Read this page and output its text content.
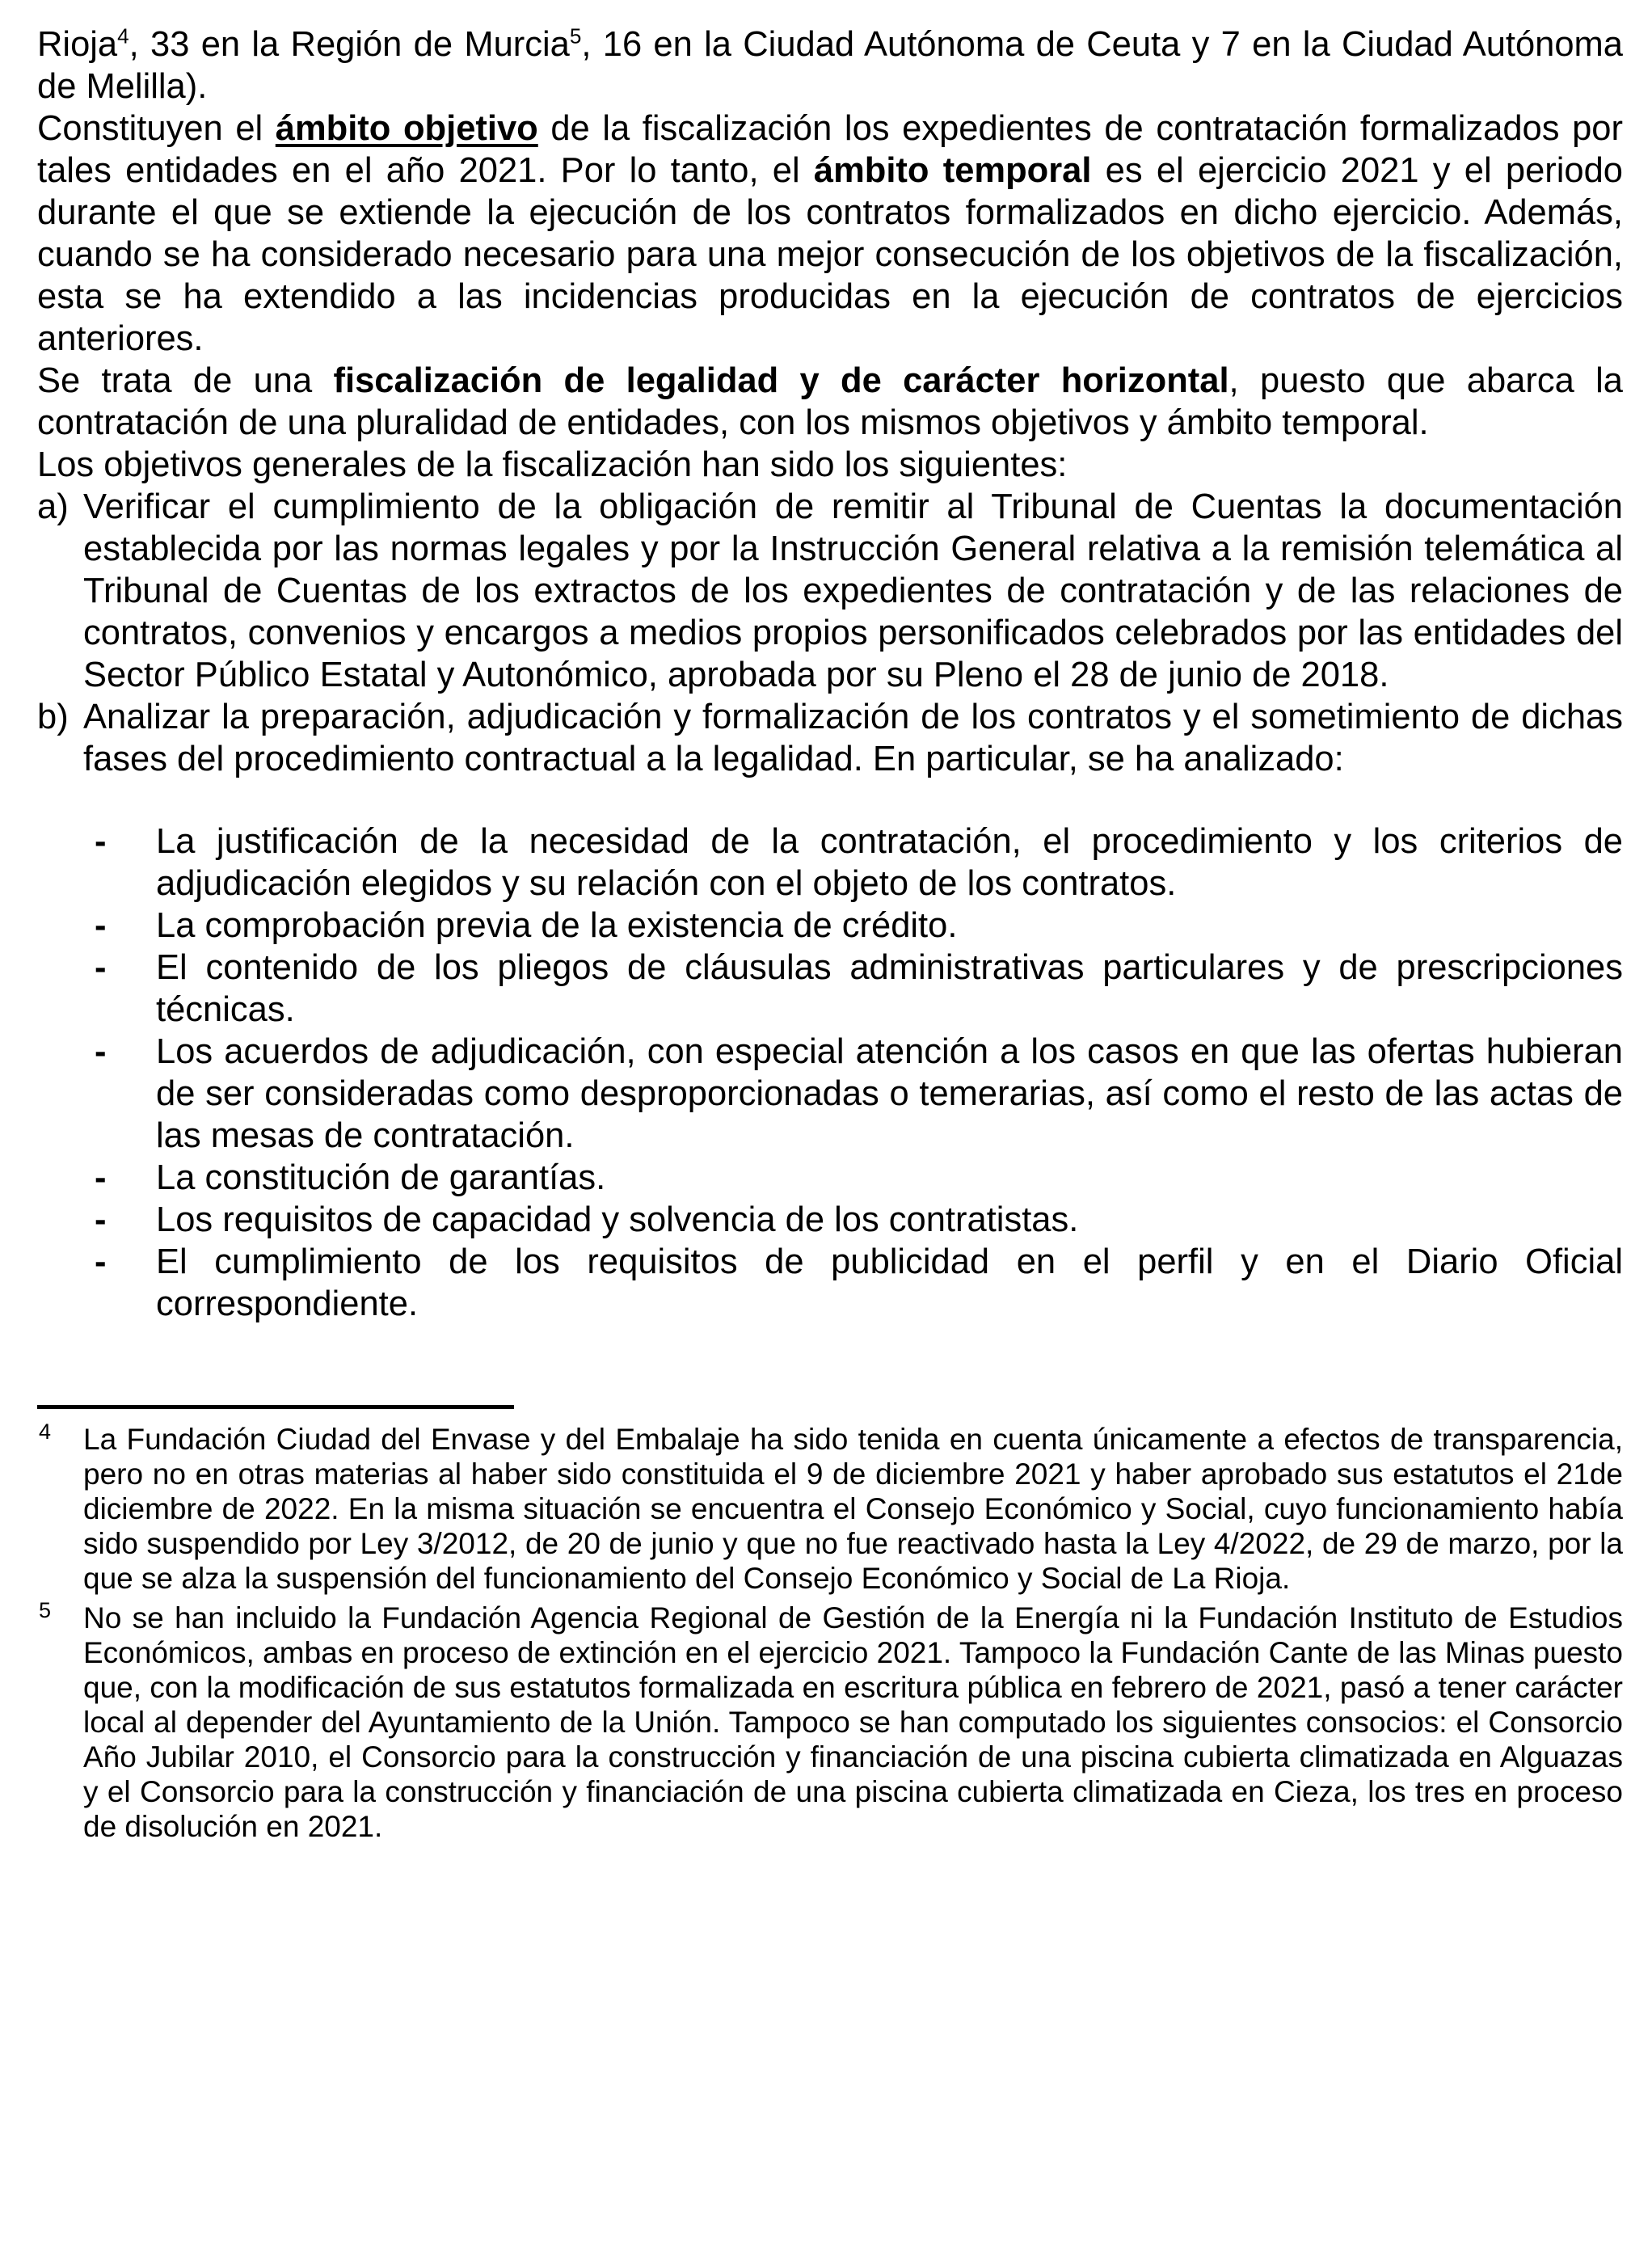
Rioja$^4$, 33 en la Región de Murcia$^5$, 16 en la Ciudad Autónoma de Ceuta y 7 en la Ciudad Autónoma de Melilla).

Constituyen el ámbito objetivo de la fiscalización los expedientes de contratación formalizados por tales entidades en el año 2021. Por lo tanto, el ámbito temporal es el ejercicio 2021 y el periodo durante el que se extiende la ejecución de los contratos formalizados en dicho ejercicio. Además, cuando se ha considerado necesario para una mejor consecución de los objetivos de la fiscalización, esta se ha extendido a las incidencias producidas en la ejecución de contratos de ejercicios anteriores.

Se trata de una fiscalización de legalidad y de carácter horizontal, puesto que abarca la contratación de una pluralidad de entidades, con los mismos objetivos y ámbito temporal.

Los objetivos generales de la fiscalización han sido los siguientes:

a) Verificar el cumplimiento de la obligación de remitir al Tribunal de Cuentas la documentación establecida por las normas legales y por la Instrucción General relativa a la remisión telemática al Tribunal de Cuentas de los extractos de los expedientes de contratación y de las relaciones de contratos, convenios y encargos a medios propios personificados celebrados por las entidades del Sector Público Estatal y Autonómico, aprobada por su Pleno el 28 de junio de 2018.

b) Analizar la preparación, adjudicación y formalización de los contratos y el sometimiento de dichas fases del procedimiento contractual a la legalidad. En particular, se ha analizado:

- La justificación de la necesidad de la contratación, el procedimiento y los criterios de adjudicación elegidos y su relación con el objeto de los contratos.

- La comprobación previa de la existencia de crédito.

- El contenido de los pliegos de cláusulas administrativas particulares y de prescripciones técnicas.

- Los acuerdos de adjudicación, con especial atención a los casos en que las ofertas hubieran de ser consideradas como desproporcionadas o temerarias, así como el resto de las actas de las mesas de contratación.

- La constitución de garantías.

- Los requisitos de capacidad y solvencia de los contratistas.

- El cumplimiento de los requisitos de publicidad en el perfil y en el Diario Oficial correspondiente.

4 La Fundación Ciudad del Envase y del Embalaje ha sido tenida en cuenta únicamente a efectos de transparencia, pero no en otras materias al haber sido constituida el 9 de diciembre 2021 y haber aprobado sus estatutos el 21de diciembre de 2022. En la misma situación se encuentra el Consejo Económico y Social, cuyo funcionamiento había sido suspendido por Ley 3/2012, de 20 de junio y que no fue reactivado hasta la Ley 4/2022, de 29 de marzo, por la que se alza la suspensión del funcionamiento del Consejo Económico y Social de La Rioja.
5 No se han incluido la Fundación Agencia Regional de Gestión de la Energía ni la Fundación Instituto de Estudios Económicos, ambas en proceso de extinción en el ejercicio 2021. Tampoco la Fundación Cante de las Minas puesto que, con la modificación de sus estatutos formalizada en escritura pública en febrero de 2021, pasó a tener carácter local al depender del Ayuntamiento de la Unión. Tampoco se han computado los siguientes consocios: el Consorcio Año Jubilar 2010, el Consorcio para la construcción y financiación de una piscina cubierta climatizada en Alguazas y el Consorcio para la construcción y financiación de una piscina cubierta climatizada en Cieza, los tres en proceso de disolución en 2021.
